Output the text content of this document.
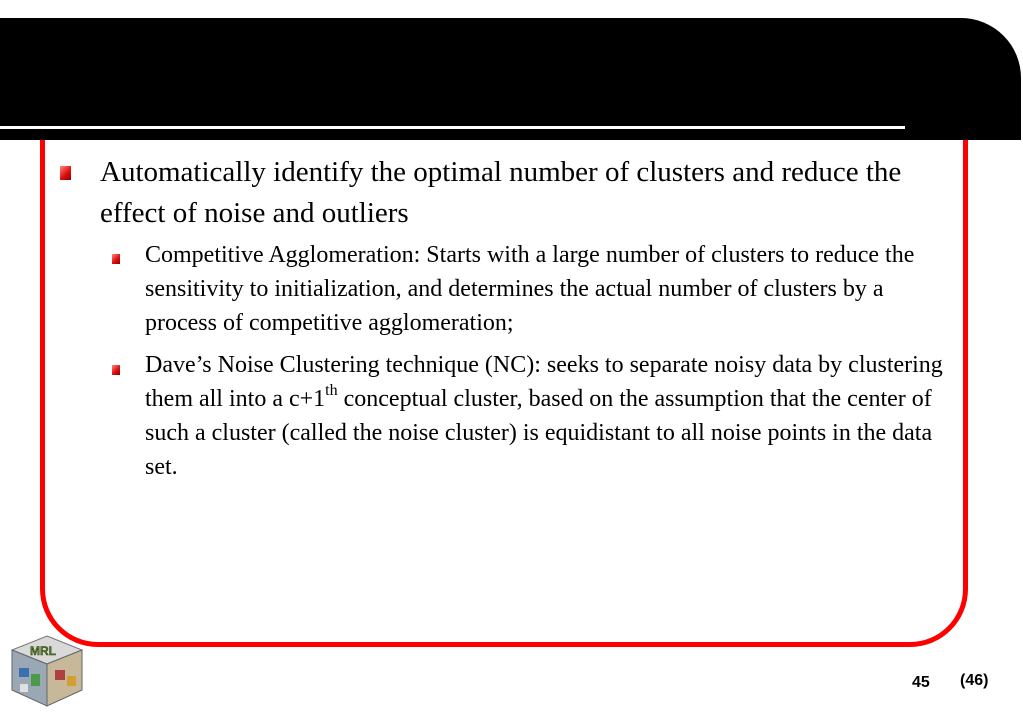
Automatically identify the optimal number of clusters and reduce the effect of noise and outliers
Competitive Agglomeration: Starts with a large number of clusters to reduce the sensitivity to initialization, and determines the actual number of clusters by a process of competitive agglomeration;
Dave’s Noise Clustering technique (NC): seeks to separate noisy data by clustering them all into a c+1th conceptual cluster, based on the assumption that the center of such a cluster (called the noise cluster) is equidistant to all noise points in the data set.
MRL
45 (46)
